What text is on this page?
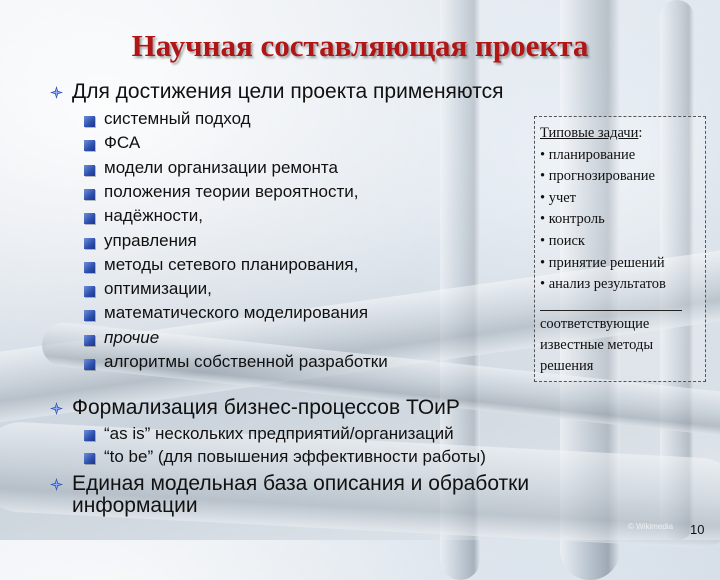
Научная составляющая проекта
Для достижения цели проекта применяются
системный подход
ФСА
модели организации ремонта
положения теории вероятности,
надёжности,
управления
методы сетевого планирования,
оптимизации,
математического моделирования
прочие
алгоритмы собственной разработки
Типовые задачи:
• планирование
• прогнозирование
• учет
• контроль
• поиск
• принятие решений
• анализ результатов
соответствующие
известные методы
решения
Формализация бизнес-процессов ТОиР
“as is” нескольких предприятий/организаций
“to be” (для повышения эффективности работы)
Единая модельная база описания и обработки
информации
© Wikimedia 10
